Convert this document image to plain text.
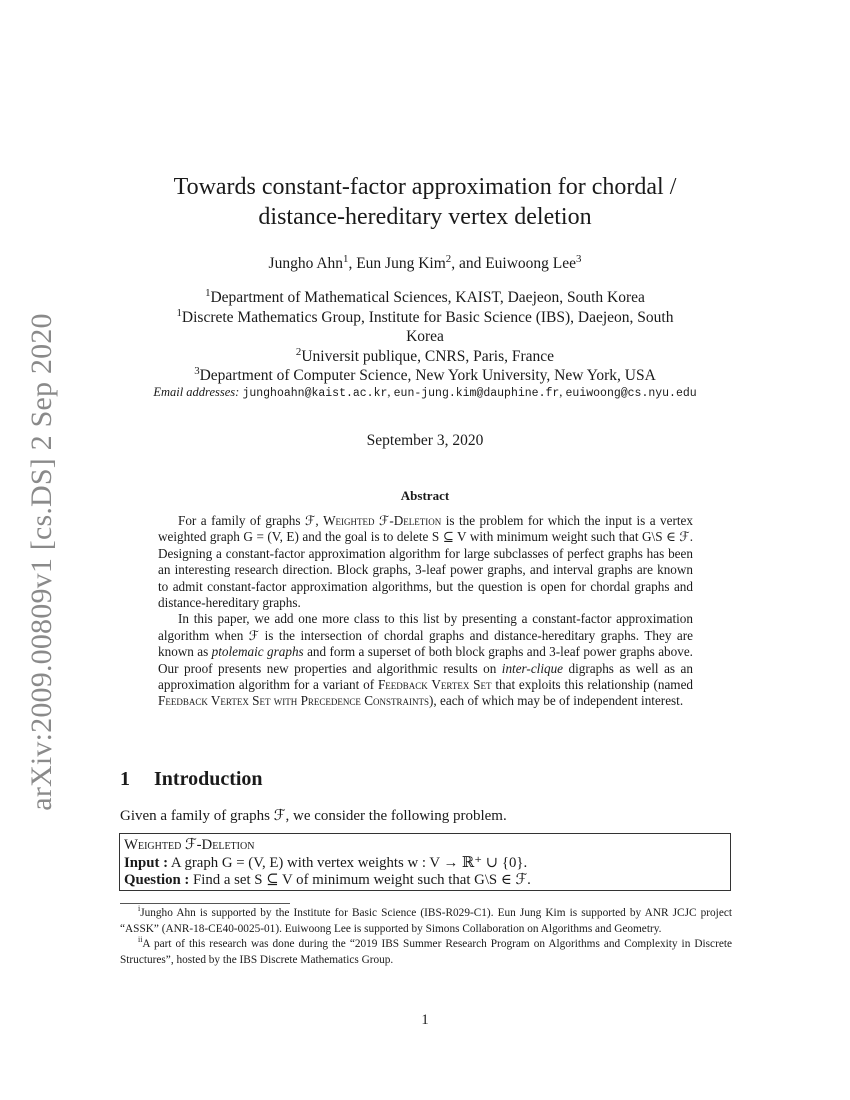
arXiv:2009.00809v1 [cs.DS] 2 Sep 2020
Towards constant-factor approximation for chordal /
distance-hereditary vertex deletion
Jungho Ahn$^1$, Eun Jung Kim$^2$, and Euiwoong Lee$^3$
$^1$Department of Mathematical Sciences, KAIST, Daejeon, South Korea
$^1$Discrete Mathematics Group, Institute for Basic Science (IBS), Daejeon, South
Korea
$^2$Universit publique, CNRS, Paris, France
$^3$Department of Computer Science, New York University, New York, USA
Email addresses: junghoahn@kaist.ac.kr, eun-jung.kim@dauphine.fr, euiwoong@cs.nyu.edu
September 3, 2020
Abstract

For a family of graphs ℱ, Weighted ℱ-Deletion is the problem for which the input is a vertex weighted graph G = (V, E) and the goal is to delete S ⊆ V with minimum weight such that G\S ∈ ℱ. Designing a constant-factor approximation algorithm for large subclasses of perfect graphs has been an interesting research direction. Block graphs, 3-leaf power graphs, and interval graphs are known to admit constant-factor approximation algorithms, but the question is open for chordal graphs and distance-hereditary graphs.

In this paper, we add one more class to this list by presenting a constant-factor approximation algorithm when ℱ is the intersection of chordal graphs and distance-hereditary graphs. They are known as ptolemaic graphs and form a superset of both block graphs and 3-leaf power graphs above. Our proof presents new properties and algorithmic results on inter-clique digraphs as well as an approximation algorithm for a variant of Feedback Vertex Set that exploits this relationship (named Feedback Vertex Set with Precedence Constraints), each of which may be of independent interest.

1 Introduction
Given a family of graphs ℱ, we consider the following problem.
Weighted ℱ-Deletion
Input : A graph G = (V, E) with vertex weights w : V → ℝ⁺ ∪ {0}.
Question : Find a set S ⊆ V of minimum weight such that G\S ∈ ℱ.

$^i$Jungho Ahn is supported by the Institute for Basic Science (IBS-R029-C1). Eun Jung Kim is supported by ANR JCJC project “ASSK” (ANR-18-CE40-0025-01). Euiwoong Lee is supported by Simons Collaboration on Algorithms and Geometry.

$^{ii}$A part of this research was done during the “2019 IBS Summer Research Program on Algorithms and Complexity in Discrete Structures”, hosted by the IBS Discrete Mathematics Group.

1
